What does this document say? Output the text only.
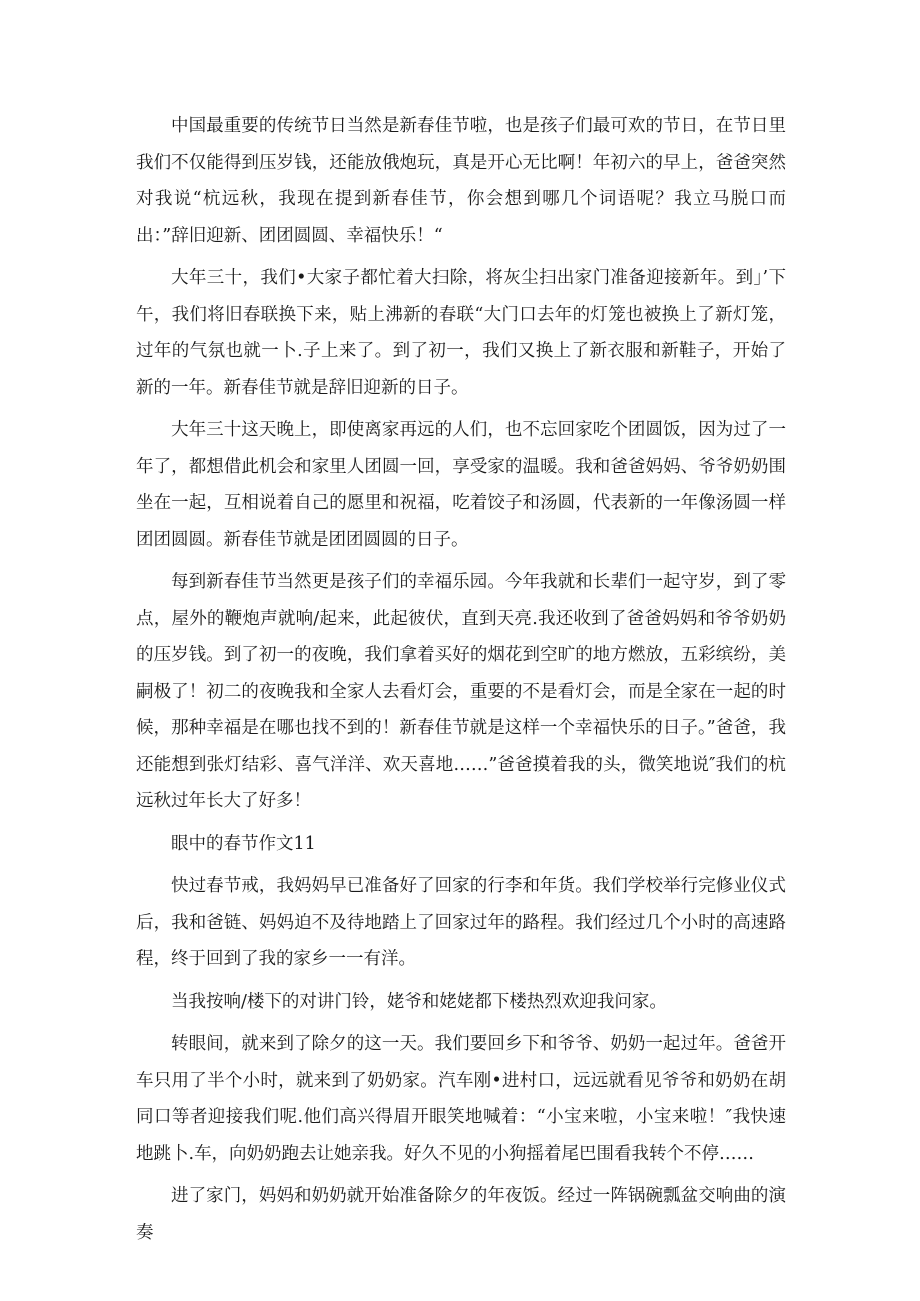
中国最重要的传统节日当然是新春佳节啦，也是孩子们最可欢的节日，在节日里我们不仅能得到压岁钱，还能放俄炮玩，真是开心无比啊！年初六的早上，爸爸突然对我说“杭远秋，我现在提到新春佳节，你会想到哪几个词语呢？我立马脱口而出：”辞旧迎新、团团圆圆、幸福快乐！“

大年三十，我们•大家子都忙着大扫除，将灰尘扫出家门准备迎接新年。到」’下午，我们将旧春联换下来，贴上沸新的春联“大门口去年的灯笼也被换上了新灯笼，过年的气氛也就一卜.子上来了。到了初一，我们又换上了新衣服和新鞋子，开始了新的一年。新春佳节就是辞旧迎新的日子。

大年三十这天晚上，即使离家再远的人们，也不忘回家吃个团圆饭，因为过了一年了，都想借此机会和家里人团圆一回，享受家的温暖。我和爸爸妈妈、爷爷奶奶围坐在一起，互相说着自己的愿里和祝福，吃着饺子和汤圆，代表新的一年像汤圆一样团团圆圆。新春佳节就是团团圆圆的日子。

每到新春佳节当然更是孩子们的幸福乐园。今年我就和长辈们一起守岁，到了零点，屋外的鞭炮声就响/起来，此起彼伏，直到天亮.我还收到了爸爸妈妈和爷爷奶奶的压岁钱。到了初一的夜晚，我们拿着买好的烟花到空旷的地方燃放，五彩缤纷，美嗣极了！初二的夜晚我和全家人去看灯会，重要的不是看灯会，而是全家在一起的时候，那种幸福是在哪也找不到的！新春佳节就是这样一个幸福快乐的日子。”爸爸，我还能想到张灯结彩、喜气洋洋、欢天喜地……”爸爸摸着我的头，微笑地说″我们的杭远秋过年长大了好多！

眼中的春节作文11

快过春节戒，我妈妈早已准备好了回家的行李和年货。我们学校举行完修业仪式后，我和爸链、妈妈迫不及待地踏上了回家过年的路程。我们经过几个小时的高速路程，终于回到了我的家乡一一有洋。

当我按响/楼下的对讲门铃，姥爷和姥姥都下楼热烈欢迎我问家。

转眼间，就来到了除夕的这一天。我们要回乡下和爷爷、奶奶一起过年。爸爸开车只用了半个小时，就来到了奶奶家。汽车刚•进村口，远远就看见爷爷和奶奶在胡同口等者迎接我们呢.他们高兴得眉开眼笑地喊着：“小宝来啦，小宝来啦！″我快速地跳卜.车，向奶奶跑去让她亲我。好久不见的小狗摇着尾巴围看我转个不停……

进了家门，妈妈和奶奶就开始准备除夕的年夜饭。经过一阵锅碗瓢盆交响曲的演奏
